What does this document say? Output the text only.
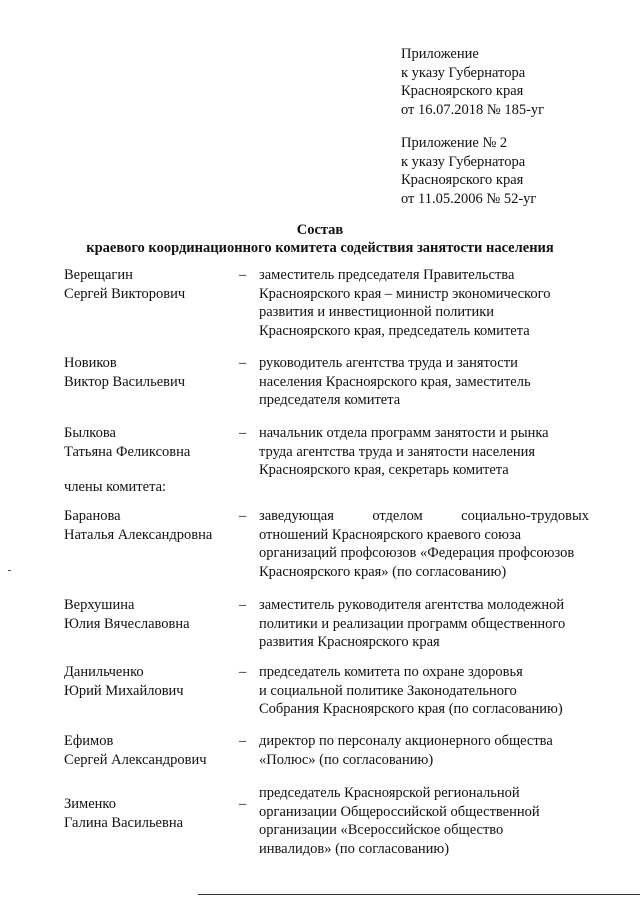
Приложение
к указу Губернатора
Красноярского края
от 16.07.2018 № 185-уг
Приложение № 2
к указу Губернатора
Красноярского края
от 11.05.2006 № 52-уг
Состав
краевого координационного комитета содействия занятости населения
Верещагин
Сергей Викторович
– заместитель председателя Правительства
Красноярского края – министр экономического
развития и инвестиционной политики
Красноярского края, председатель комитета
Новиков
Виктор Васильевич
– руководитель агентства труда и занятости
населения Красноярского края, заместитель
председателя комитета
Былкова
Татьяна Феликсовна
– начальник отдела программ занятости и рынка
труда агентства труда и занятости населения
Красноярского края, секретарь комитета
члены комитета:
Баранова
Наталья Александровна
– заведующая отделом социально-трудовых
отношений Красноярского краевого союза
организаций профсоюзов «Федерация профсоюзов
Красноярского края» (по согласованию)
Верхушина
Юлия Вячеславовна
– заместитель руководителя агентства молодежной
политики и реализации программ общественного
развития Красноярского края
Данильченко
Юрий Михайлович
– председатель комитета по охране здоровья
и социальной политике Законодательного
Собрания Красноярского края (по согласованию)
Ефимов
Сергей Александрович
– директор по персоналу акционерного общества
«Полюс» (по согласованию)
Зименко
Галина Васильевна
–
председатель Красноярской региональной
организации Общероссийской общественной
организации «Всероссийское общество
инвалидов» (по согласованию)
